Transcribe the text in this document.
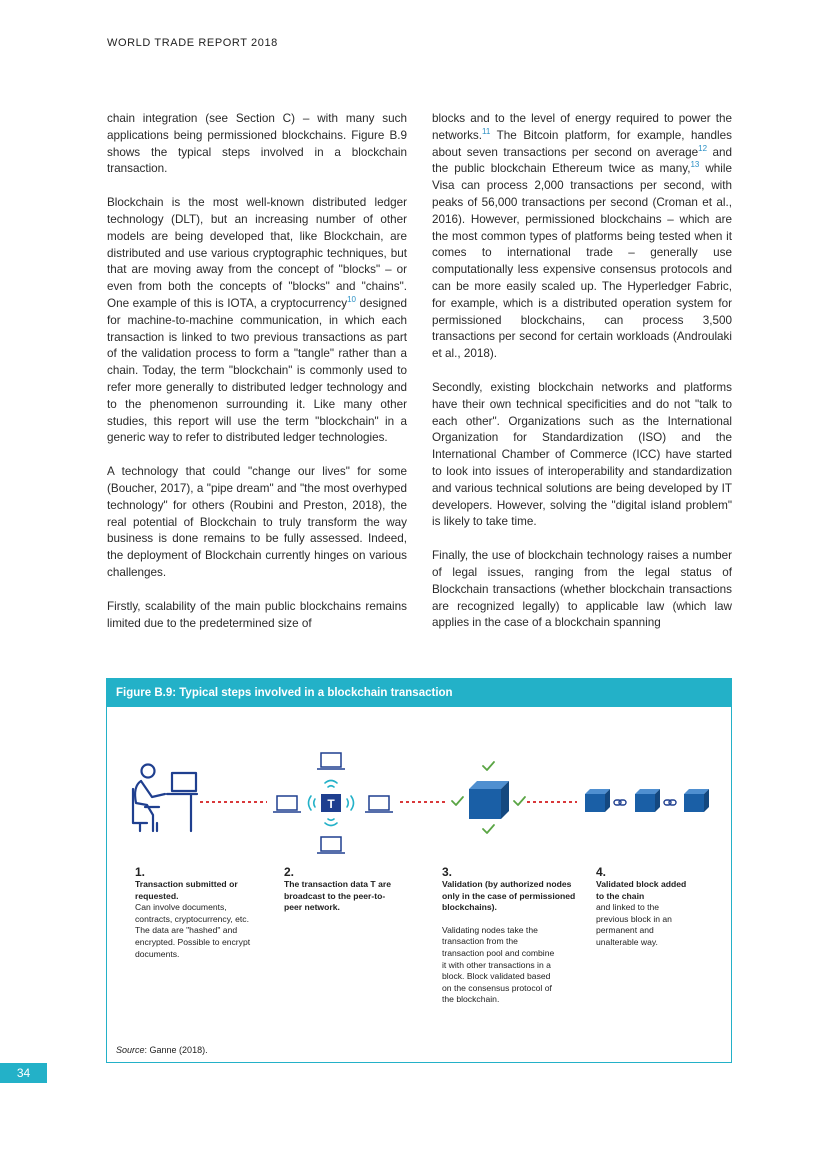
WORLD TRADE REPORT 2018

chain integration (see Section C) – with many such applications being permissioned blockchains. Figure B.9 shows the typical steps involved in a blockchain transaction.

Blockchain is the most well-known distributed ledger technology (DLT), but an increasing number of other models are being developed that, like Blockchain, are distributed and use various cryptographic techniques, but that are moving away from the concept of "blocks" – or even from both the concepts of "blocks" and "chains". One example of this is IOTA, a cryptocurrency$^{10}$ designed for machine-to-machine communication, in which each transaction is linked to two previous transactions as part of the validation process to form a "tangle" rather than a chain. Today, the term "blockchain" is commonly used to refer more generally to distributed ledger technology and to the phenomenon surrounding it. Like many other studies, this report will use the term "blockchain" in a generic way to refer to distributed ledger technologies.

A technology that could "change our lives" for some (Boucher, 2017), a "pipe dream" and "the most overhyped technology" for others (Roubini and Preston, 2018), the real potential of Blockchain to truly transform the way business is done remains to be fully assessed. Indeed, the deployment of Blockchain currently hinges on various challenges.

Firstly, scalability of the main public blockchains remains limited due to the predetermined size of

blocks and to the level of energy required to power the networks.$^{11}$ The Bitcoin platform, for example, handles about seven transactions per second on average$^{12}$ and the public blockchain Ethereum twice as many,$^{13}$ while Visa can process 2,000 transactions per second, with peaks of 56,000 transactions per second (Croman et al., 2016). However, permissioned blockchains – which are the most common types of platforms being tested when it comes to international trade – generally use computationally less expensive consensus protocols and can be more easily scaled up. The Hyperledger Fabric, for example, which is a distributed operation system for permissioned blockchains, can process 3,500 transactions per second for certain workloads (Androulaki et al., 2018).

Secondly, existing blockchain networks and platforms have their own technical specificities and do not "talk to each other". Organizations such as the International Organization for Standardization (ISO) and the International Chamber of Commerce (ICC) have started to look into issues of interoperability and standardization and various technical solutions are being developed by IT developers. However, solving the "digital island problem" is likely to take time.

Finally, the use of blockchain technology raises a number of legal issues, ranging from the legal status of Blockchain transactions (whether blockchain transactions are recognized legally) to applicable law (which law applies in the case of a blockchain spanning

Figure B.9: Typical steps involved in a blockchain transaction
T
1.
Transaction submitted or requested.
Can involve documents, contracts, cryptocurrency, etc. The data are "hashed" and encrypted. Possible to encrypt documents.
2.
The transaction data T are broadcast to the peer-to-peer network.
3.
Validation (by authorized nodes only in the case of permissioned blockchains).
Validating nodes take the transaction from the transaction pool and combine it with other transactions in a block. Block validated based on the consensus protocol of the blockchain.
4.
Validated block added to the chain
and linked to the previous block in an permanent and unalterable way.
Source: Ganne (2018).
34
